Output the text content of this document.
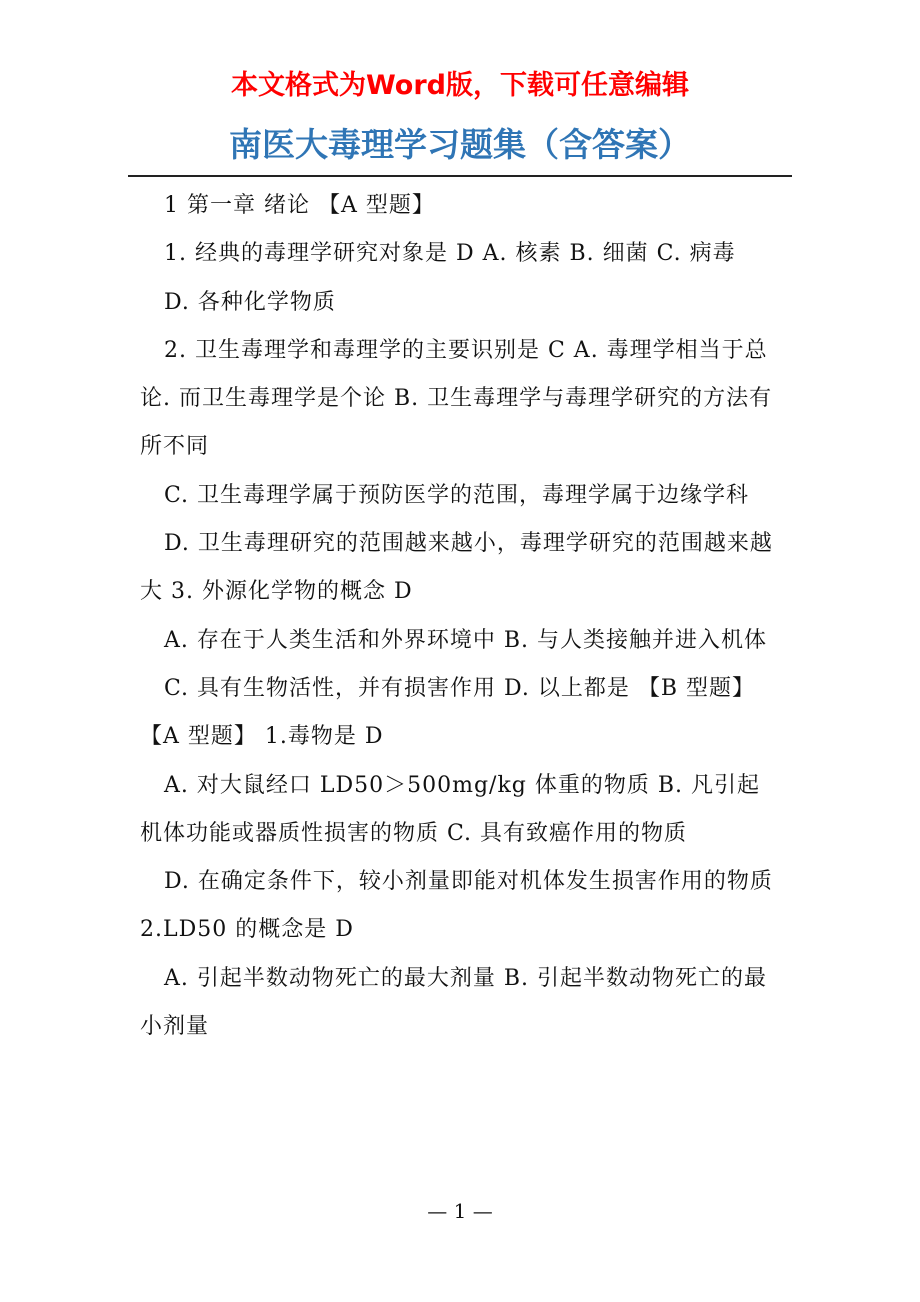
本文格式为Word版，下载可任意编辑
南医大毒理学习题集（含答案）

1 第一章 绪论 【A 型题】

1. 经典的毒理学研究对象是 D A. 核素 B. 细菌 C. 病毒

D. 各种化学物质

2. 卫生毒理学和毒理学的主要识别是 C A. 毒理学相当于总论. 而卫生毒理学是个论 B. 卫生毒理学与毒理学研究的方法有所不同

C. 卫生毒理学属于预防医学的范围，毒理学属于边缘学科

D. 卫生毒理研究的范围越来越小，毒理学研究的范围越来越大 3. 外源化学物的概念 D

A. 存在于人类生活和外界环境中 B. 与人类接触并进入机体

C. 具有生物活性，并有损害作用 D. 以上都是 【B 型题】 【A 型题】 1.毒物是 D

A. 对大鼠经口 LD50＞500mg/kg 体重的物质 B. 凡引起机体功能或器质性损害的物质 C. 具有致癌作用的物质

D. 在确定条件下，较小剂量即能对机体发生损害作用的物质 2.LD50 的概念是 D

A. 引起半数动物死亡的最大剂量 B. 引起半数动物死亡的最小剂量

— 1 —
